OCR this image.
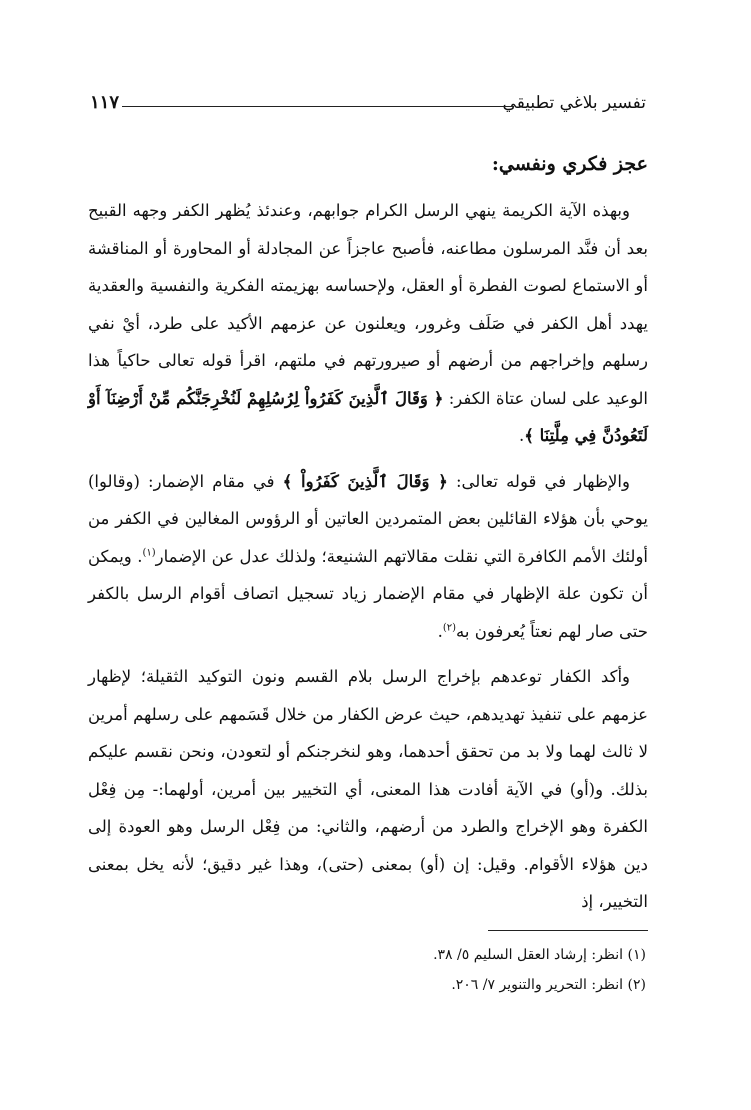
تفسير بلاغي تطبيقي
١١٧
عجز فكري ونفسي:

وبهذه الآية الكريمة ينهي الرسل الكرام جوابهم، وعندئذ يُظهر الكفر وجهه القبيح بعد أن فنَّد المرسلون مطاعنه، فأصبح عاجزاً عن المجادلة أو المحاورة أو المناقشة أو الاستماع لصوت الفطرة أو العقل، ولإحساسه بهزيمته الفكرية والنفسية والعقدية يهدد أهل الكفر في صَلَف وغرور، ويعلنون عن عزمهم الأكيد على طرد، أيْ نفي رسلهم وإخراجهم من أرضهم أو صيرورتهم في ملتهم، اقرأ قوله تعالى حاكياً هذا الوعيد على لسان عتاة الكفر: ﴿ وَقَالَ ٱلَّذِينَ كَفَرُواْ لِرُسُلِهِمْ لَنُخْرِجَنَّكُم مِّنْ أَرْضِنَآ أَوْ لَتَعُودُنَّ فِي مِلَّتِنَا ﴾.

والإظهار في قوله تعالى: ﴿ وَقَالَ ٱلَّذِينَ كَفَرُواْ ﴾ في مقام الإضمار: (وقالوا) يوحي بأن هؤلاء القائلين بعض المتمردين العاتين أو الرؤوس المغالين في الكفر من أولئك الأمم الكافرة التي نقلت مقالاتهم الشنيعة؛ ولذلك عدل عن الإضمار$^{(١)}$. ويمكن أن تكون علة الإظهار في مقام الإضمار زياد تسجيل اتصاف أقوام الرسل بالكفر حتى صار لهم نعتاً يُعرفون به$^{(٢)}$.

وأكد الكفار توعدهم بإخراج الرسل بلام القسم ونون التوكيد الثقيلة؛ لإظهار عزمهم على تنفيذ تهديدهم، حيث عرض الكفار من خلال قَسَمهم على رسلهم أمرين لا ثالث لهما ولا بد من تحقق أحدهما، وهو لنخرجنكم أو لتعودن، ونحن نقسم عليكم بذلك. و(أو) في الآية أفادت هذا المعنى، أي التخيير بين أمرين، أولهما:- مِن فِعْل الكفرة وهو الإخراج والطرد من أرضهم، والثاني: من فِعْل الرسل وهو العودة إلى دين هؤلاء الأقوام. وقيل: إن (أو) بمعنى (حتى)، وهذا غير دقيق؛ لأنه يخل بمعنى التخيير، إذ

(١) انظر: إرشاد العقل السليم ٥/ ٣٨.
(٢) انظر: التحرير والتنوير ٧/ ٢٠٦.
